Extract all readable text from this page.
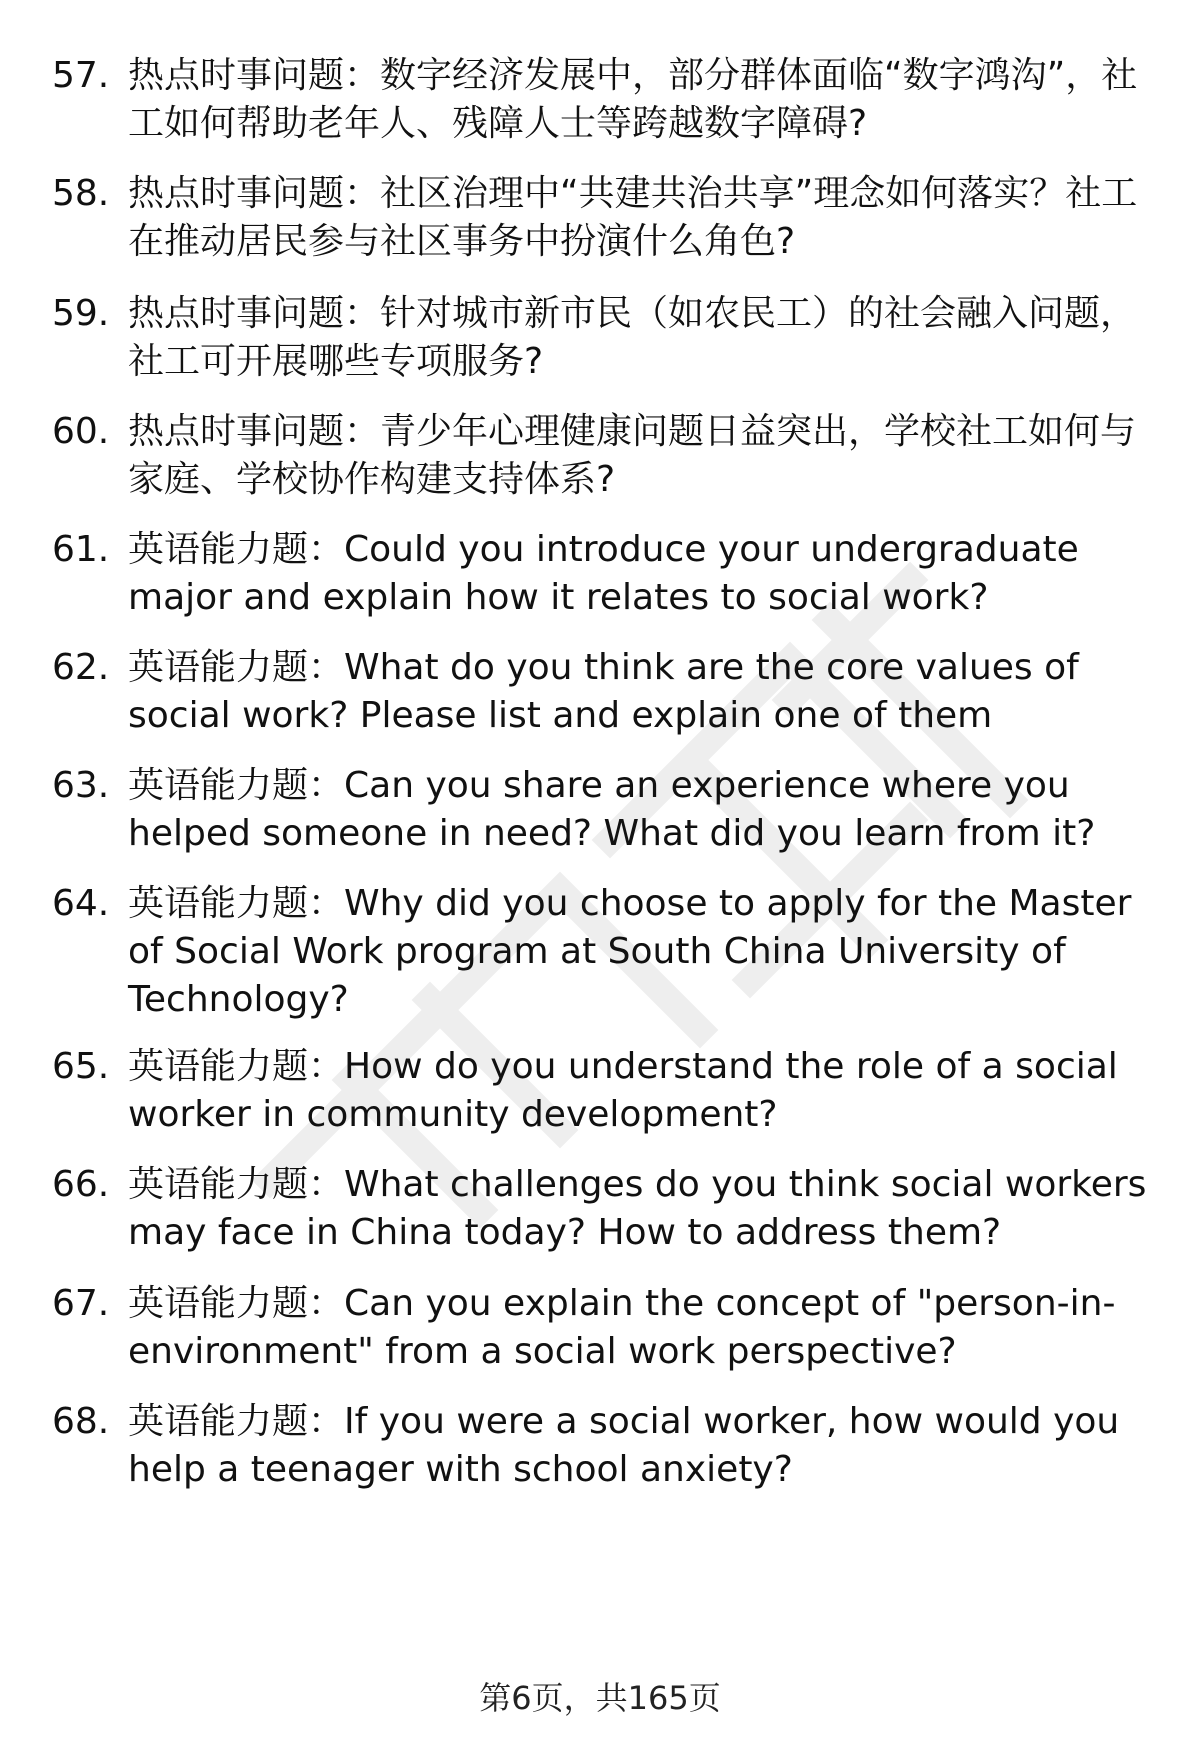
57. 热点时事问题：数字经济发展中，部分群体面临“数字鸿沟”，社工如何帮助老年人、残障人士等跨越数字障碍?
58. 热点时事问题：社区治理中“共建共治共享”理念如何落实？社工在推动居民参与社区事务中扮演什么角色?
59. 热点时事问题：针对城市新市民（如农民工）的社会融入问题，社工可开展哪些专项服务?
60. 热点时事问题：青少年心理健康问题日益突出，学校社工如何与家庭、学校协作构建支持体系?
61. 英语能力题：Could you introduce your undergraduate major and explain how it relates to social work?
62. 英语能力题：What do you think are the core values of social work? Please list and explain one of them
63. 英语能力题：Can you share an experience where you helped someone in need? What did you learn from it?
64. 英语能力题：Why did you choose to apply for the Master of Social Work program at South China University of Technology?
65. 英语能力题：How do you understand the role of a social worker in community development?
66. 英语能力题：What challenges do you think social workers may face in China today? How to address them?
67. 英语能力题：Can you explain the concept of "person-in-environment" from a social work perspective?
68. 英语能力题：If you were a social worker, how would you help a teenager with school anxiety?
第6页，共165页
